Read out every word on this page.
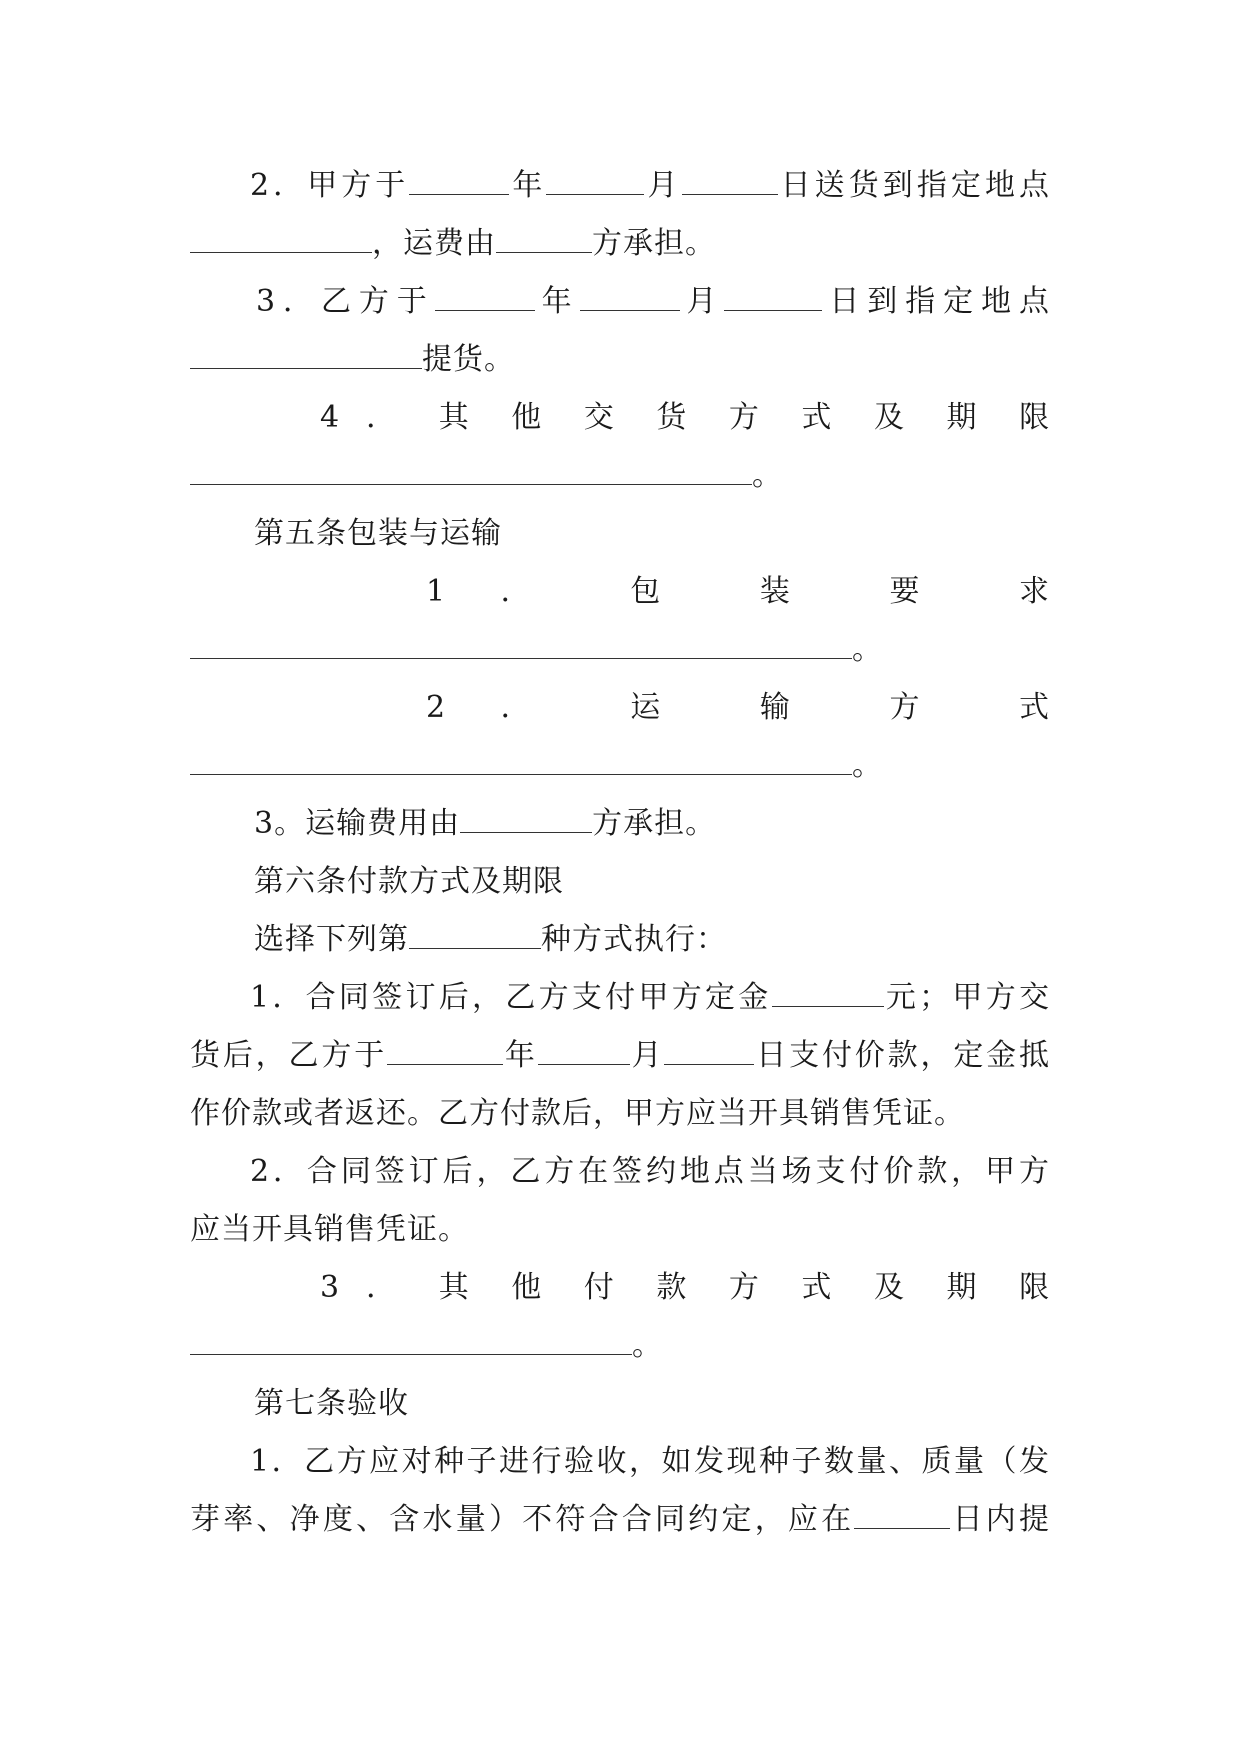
2．甲方于	年	月	日送货到指定地点
，运费由	方承担。
3．乙方于	年	月	日到指定地点
提货。
4 ． 其 他 交 货 方 式 及 期 限
。
第五条包装与运输
1 ． 包 装 要 求
。
2 ． 运 输 方 式
。
3。运输费用由	方承担。
第六条付款方式及期限
选择下列第	种方式执行：
1．合同签订后，乙方支付甲方定金	元；甲方交
货后，乙方于	年	月	日支付价款，定金抵
作价款或者返还。乙方付款后，甲方应当开具销售凭证。
2．合同签订后，乙方在签约地点当场支付价款，甲方
应当开具销售凭证。
3 ． 其 他 付 款 方 式 及 期 限
。
第七条验收
1．乙方应对种子进行验收，如发现种子数量、质量（发
芽率、净度、含水量）不符合合同约定，应在	日内提
